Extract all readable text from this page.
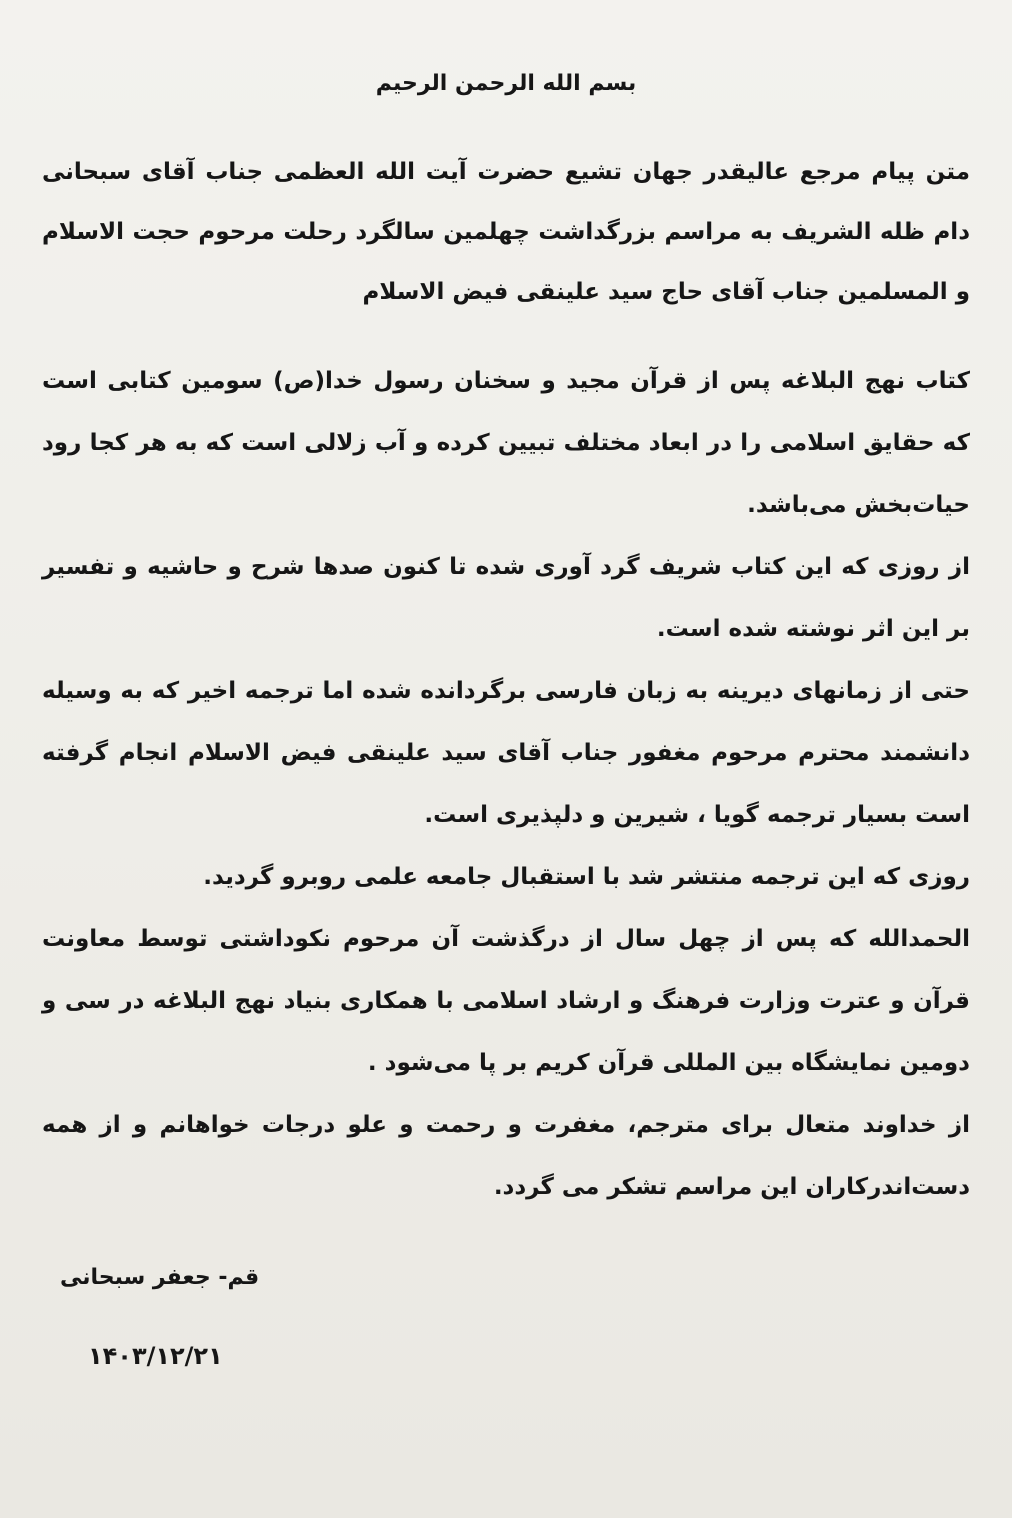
بسم الله الرحمن الرحیم

متن پیام مرجع عالیقدر جهان تشیع حضرت آیت الله العظمی جناب آقای سبحانی دام ظله الشریف به مراسم بزرگداشت چهلمین سالگرد رحلت مرحوم حجت الاسلام و المسلمین جناب آقای حاج سید علینقی فیض الاسلام

کتاب نهج البلاغه پس از قرآن مجید و سخنان رسول خدا(ص) سومین کتابی است که حقایق اسلامی را در ابعاد مختلف تبیین کرده و آب زلالی است که به هر کجا رود حیات‌بخش می‌باشد.

از روزی که این کتاب شریف گرد آوری شده تا کنون صدها شرح و حاشیه و تفسیر بر این اثر نوشته شده است.

حتی از زمانهای دیرینه به زبان فارسی برگردانده شده اما ترجمه اخیر که به وسیله دانشمند محترم مرحوم مغفور جناب آقای سید علینقی فیض الاسلام انجام گرفته است بسیار ترجمه گویا ، شیرین و دلپذیری است.

روزی که این ترجمه منتشر شد با استقبال جامعه علمی روبرو گردید.

الحمدالله که پس از چهل سال از درگذشت آن مرحوم نکوداشتی توسط معاونت قرآن و عترت وزارت فرهنگ و ارشاد اسلامی با همکاری بنیاد نهج البلاغه در سی و دومین نمایشگاه بین المللی قرآن کریم بر پا می‌شود .

از خداوند متعال برای مترجم، مغفرت و رحمت و علو درجات خواهانم و از همه دست‌اندرکاران این مراسم تشکر می گردد.

قم- جعفر سبحانی
۱۴۰۳/۱۲/۲۱
